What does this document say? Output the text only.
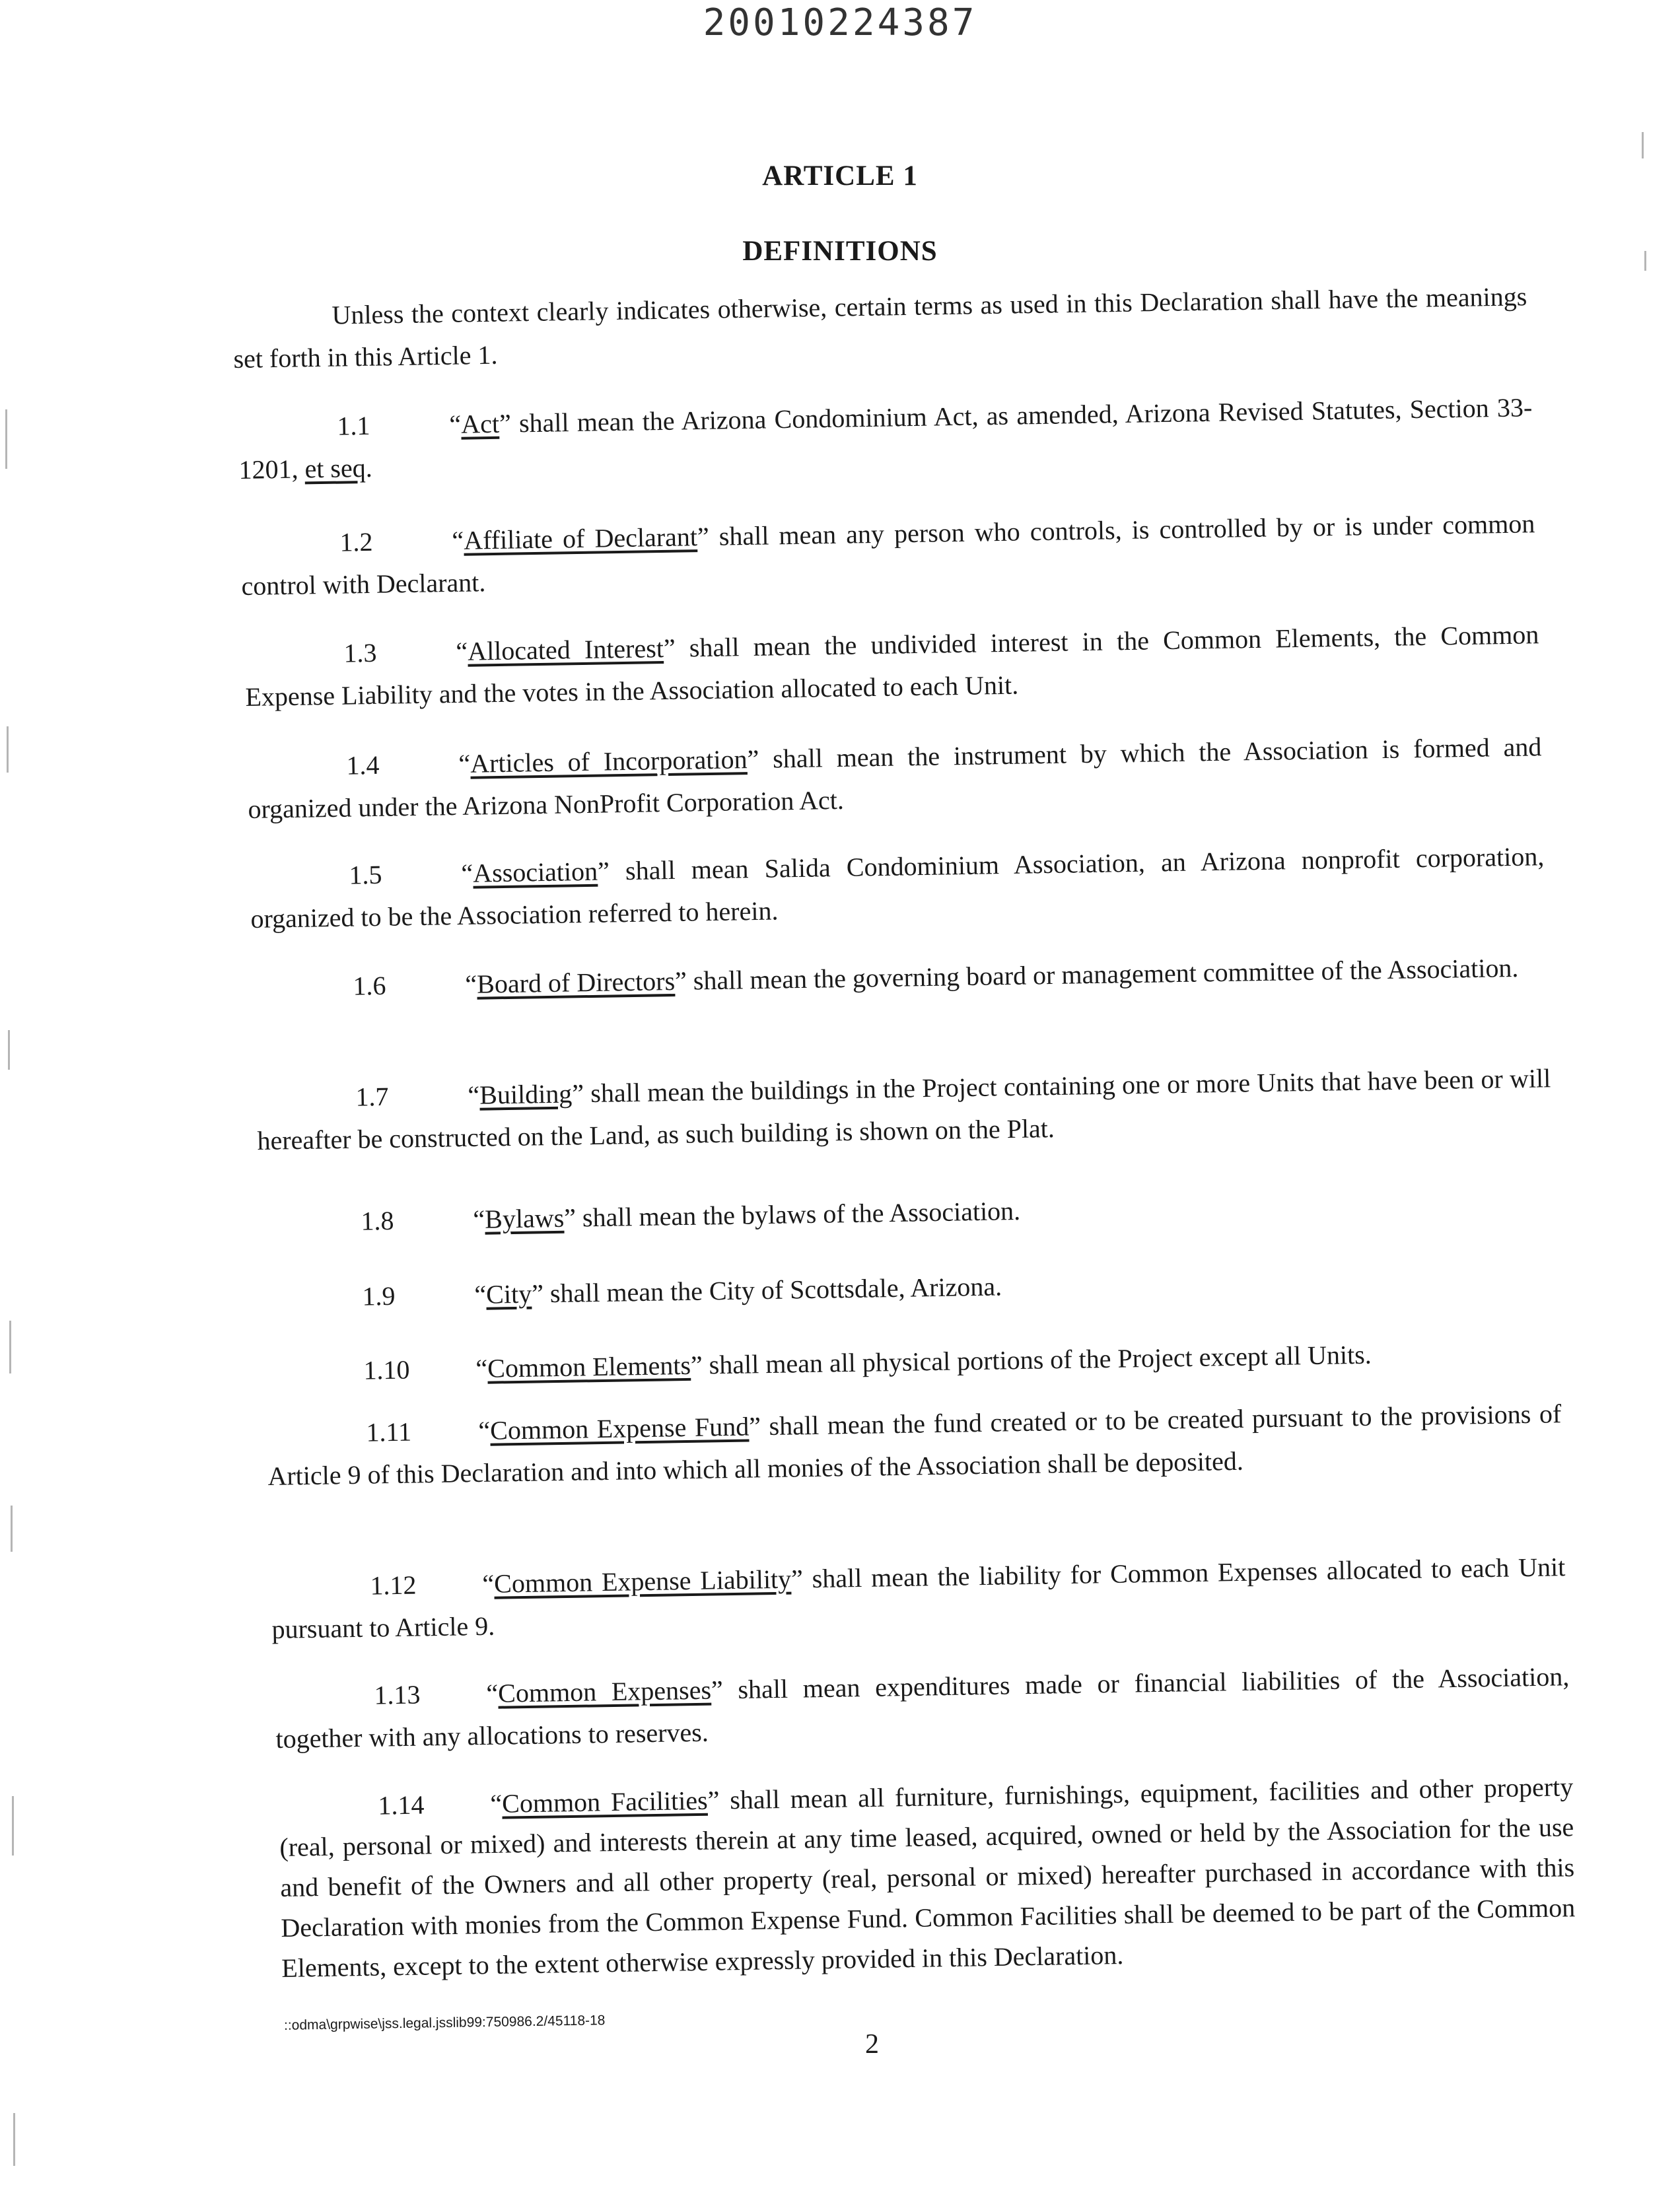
20010224387
ARTICLE 1
DEFINITIONS
Unless the context clearly indicates otherwise, certain terms as used in this Declaration shall have the meanings set forth in this Article 1.
1.1	“Act” shall mean the Arizona Condominium Act, as amended, Arizona Revised Statutes, Section 33-1201, et seq.
1.2	“Affiliate of Declarant” shall mean any person who controls, is controlled by or is under common control with Declarant.
1.3	“Allocated Interest” shall mean the undivided interest in the Common Elements, the Common Expense Liability and the votes in the Association allocated to each Unit.
1.4	“Articles of Incorporation” shall mean the instrument by which the Association is formed and organized under the Arizona NonProfit Corporation Act.
1.5	“Association” shall mean Salida Condominium Association, an Arizona nonprofit corporation, organized to be the Association referred to herein.
1.6	“Board of Directors” shall mean the governing board or management committee of the Association.
1.7	“Building” shall mean the buildings in the Project containing one or more Units that have been or will hereafter be constructed on the Land, as such building is shown on the Plat.
1.8	“Bylaws” shall mean the bylaws of the Association.
1.9	“City” shall mean the City of Scottsdale, Arizona.
1.10 “Common Elements” shall mean all physical portions of the Project except all Units.
1.11	“Common Expense Fund” shall mean the fund created or to be created pursuant to the provisions of Article 9 of this Declaration and into which all monies of the Association shall be deposited.
1.12 “Common Expense Liability” shall mean the liability for Common Expenses allocated to each Unit pursuant to Article 9.
1.13 “Common Expenses” shall mean expenditures made or financial liabilities of the Association, together with any allocations to reserves.
1.14 “Common Facilities” shall mean all furniture, furnishings, equipment, facilities and other property (real, personal or mixed) and interests therein at any time leased, acquired, owned or held by the Association for the use and benefit of the Owners and all other property (real, personal or mixed) hereafter purchased in accordance with this Declaration with monies from the Common Expense Fund. Common Facilities shall be deemed to be part of the Common Elements, except to the extent otherwise expressly provided in this Declaration.
::odma\grpwise\jss.legal.jsslib99:750986.2/45118-18
2
